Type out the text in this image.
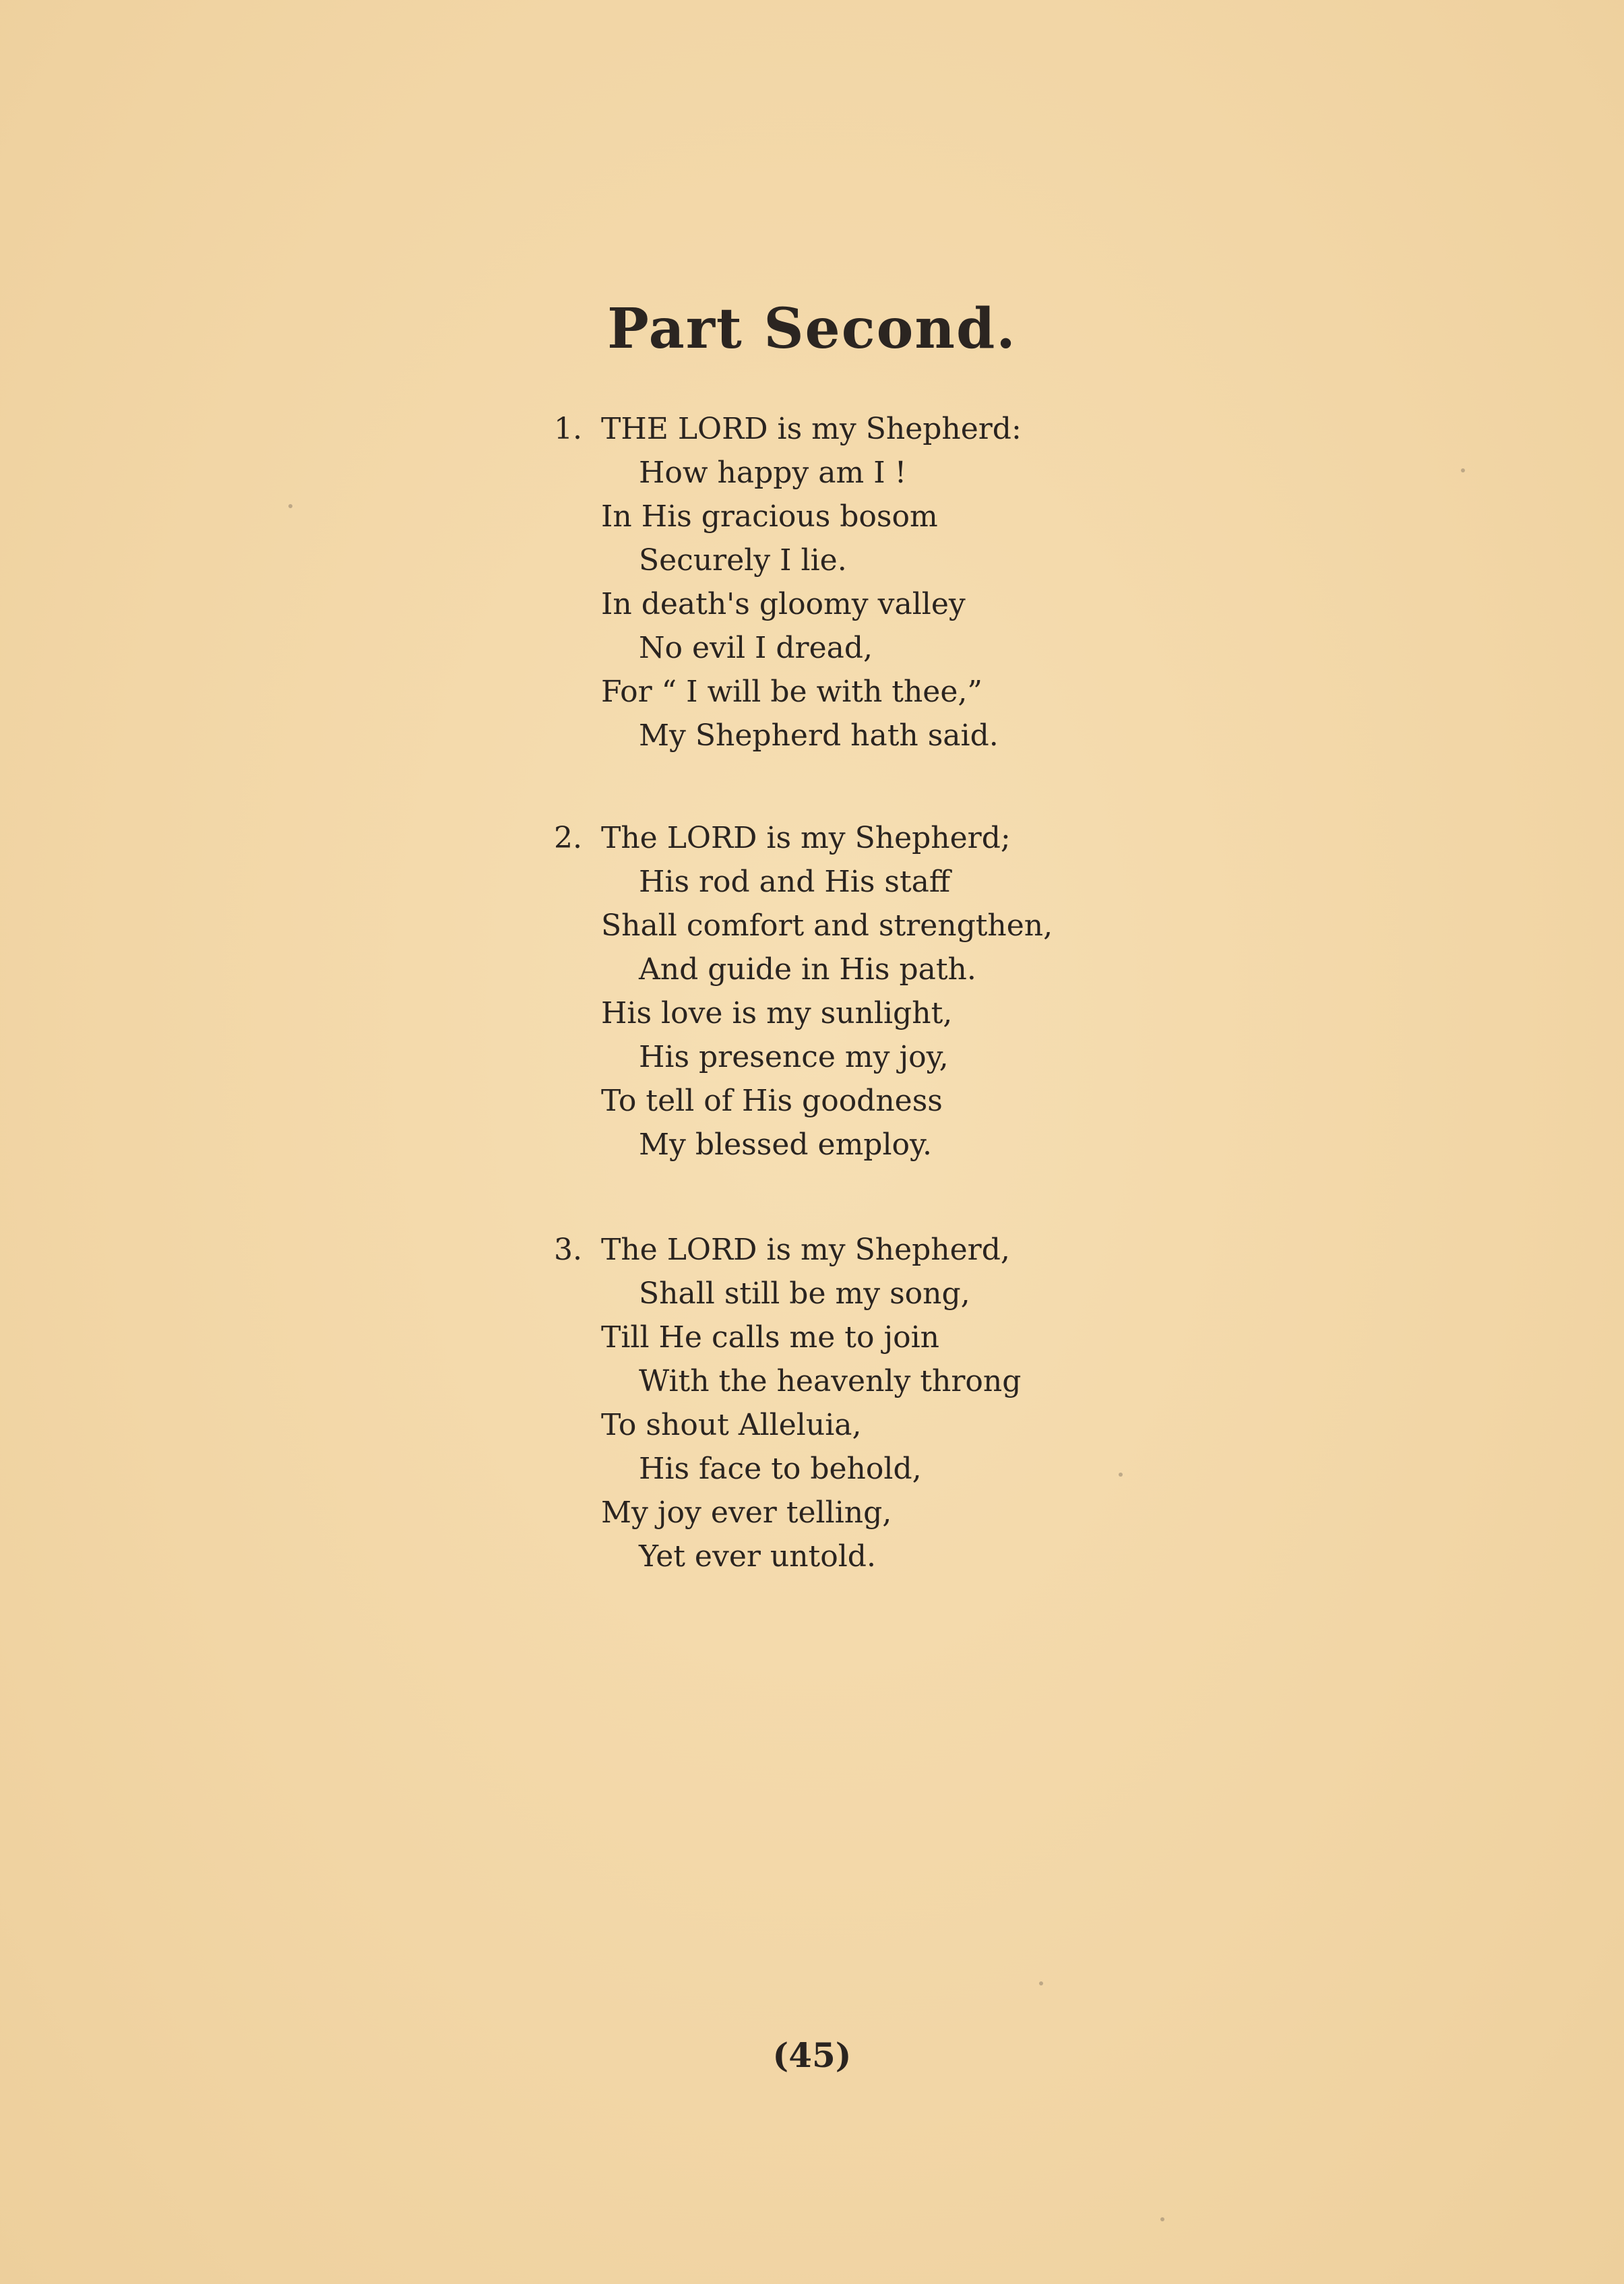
Part Second.
1. THE LORD is my Shepherd:
How happy am I !
In His gracious bosom
Securely I lie.
In death's gloomy valley
No evil I dread,
For “ I will be with thee,”
My Shepherd hath said.
2. The LORD is my Shepherd;
His rod and His staff
Shall comfort and strengthen,
And guide in His path.
His love is my sunlight,
His presence my joy,
To tell of His goodness
My blessed employ.
3. The LORD is my Shepherd,
Shall still be my song,
Till He calls me to join
With the heavenly throng
To shout Alleluia,
His face to behold,
My joy ever telling,
Yet ever untold.
(45)
